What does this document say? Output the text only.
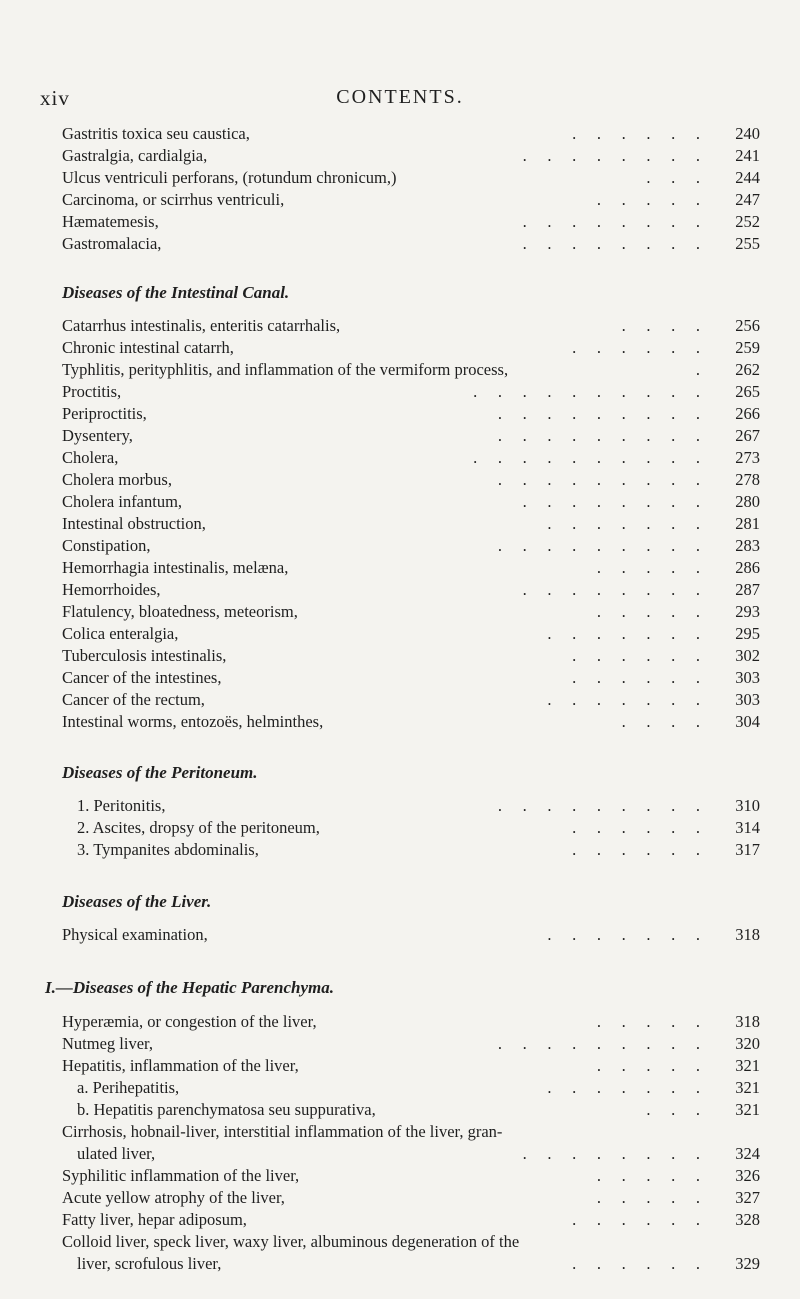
xiv	CONTENTS.
Gastritis toxica seu caustica,	.     .     .     .     .     .	240
Gastralgia, cardialgia,	.     .     .     .     .     .     .     .	241
Ulcus ventriculi perforans, (rotundum chronicum,)	.     .     .	244
Carcinoma, or scirrhus ventriculi,	.     .     .     .     .	247
Hæmatemesis,	.     .     .     .     .     .     .     .	252
Gastromalacia,	.     .     .     .     .     .     .     .	255
Diseases of the Intestinal Canal.
Catarrhus intestinalis, enteritis catarrhalis,	.     .     .     .	256
Chronic intestinal catarrh,	.     .     .     .     .     .	259
Typhlitis, perityphlitis, and inflammation of the vermiform process,	.	262
Proctitis,	.     .     .     .     .     .     .     .     .     .	265
Periproctitis,	.     .     .     .     .     .     .     .     .	266
Dysentery,	.     .     .     .     .     .     .     .     .	267
Cholera,	.     .     .     .     .     .     .     .     .     .	273
Cholera morbus,	.     .     .     .     .     .     .     .     .	278
Cholera infantum,	.     .     .     .     .     .     .     .	280
Intestinal obstruction,	.     .     .     .     .     .     .	281
Constipation,	.     .     .     .     .     .     .     .     .	283
Hemorrhagia intestinalis, melæna,	.     .     .     .     .	286
Hemorrhoides,	.     .     .     .     .     .     .     .	287
Flatulency, bloatedness, meteorism,	.     .     .     .     .	293
Colica enteralgia,	.     .     .     .     .     .     .	295
Tuberculosis intestinalis,	.     .     .     .     .     .	302
Cancer of the intestines,	.     .     .     .     .     .	303
Cancer of the rectum,	.     .     .     .     .     .     .	303
Intestinal worms, entozoës, helminthes,	.     .     .     .	304
Diseases of the Peritoneum.
1. Peritonitis,	.     .     .     .     .     .     .     .     .	310
2. Ascites, dropsy of the peritoneum,	.     .     .     .     .     .	314
3. Tympanites abdominalis,	.     .     .     .     .     .	317
Diseases of the Liver.
Physical examination,	.     .     .     .     .     .     .	318
I.—Diseases of the Hepatic Parenchyma.
Hyperæmia, or congestion of the liver,	.     .     .     .     .	318
Nutmeg liver,	.     .     .     .     .     .     .     .     .	320
Hepatitis, inflammation of the liver,	.     .     .     .     .	321
a. Perihepatitis,	.     .     .     .     .     .     .	321
b. Hepatitis parenchymatosa seu suppurativa,	.     .     .	321
Cirrhosis, hobnail-liver, interstitial inflammation of the liver, gran-
ulated liver,	.     .     .     .     .     .     .     .	324
Syphilitic inflammation of the liver,	.     .     .     .     .	326
Acute yellow atrophy of the liver,	.     .     .     .     .	327
Fatty liver, hepar adiposum,	.     .     .     .     .     .	328
Colloid liver, speck liver, waxy liver, albuminous degeneration of the
liver, scrofulous liver,	.     .     .     .     .     .	329
